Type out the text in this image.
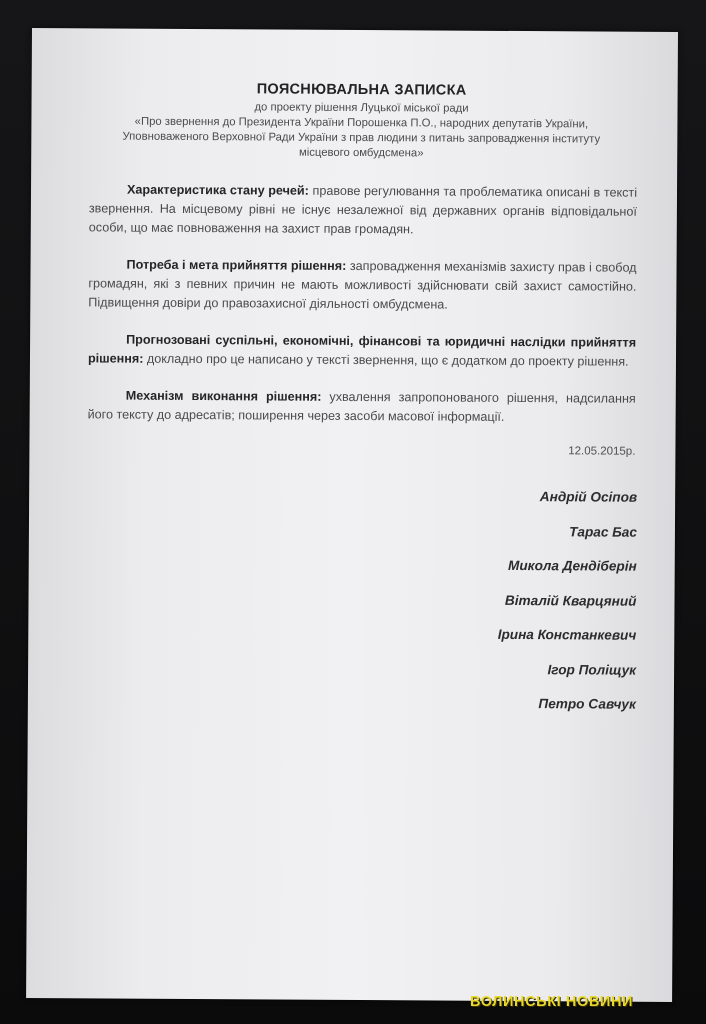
ПОЯСНЮВАЛЬНА ЗАПИСКА
до проекту рішення Луцької міської ради
«Про звернення до Президента України Порошенка П.О., народних депутатів України,
Уповноваженого Верховної Ради України з прав людини з питань запровадження інституту
місцевого омбудсмена»

Характеристика стану речей: правове регулювання та проблематика описані в тексті звернення. На місцевому рівні не існує незалежної від державних органів відповідальної особи, що має повноваження на захист прав громадян.

Потреба і мета прийняття рішення: запровадження механізмів захисту прав і свобод громадян, які з певних причин не мають можливості здійснювати свій захист самостійно. Підвищення довіри до правозахисної діяльності омбудсмена.

Прогнозовані суспільні, економічні, фінансові та юридичні наслідки прийняття рішення: докладно про це написано у тексті звернення, що є додатком до проекту рішення.

Механізм виконання рішення: ухвалення запропонованого рішення, надсилання його тексту до адресатів; поширення через засоби масової інформації.

12.05.2015р.
Андрій Осіпов
Тарас Бас
Микола Дендіберін
Віталій Кварцяний
Ірина Констанкевич
Ігор Поліщук
Петро Савчук
ВОЛИНСЬКІ НОВИНИ
